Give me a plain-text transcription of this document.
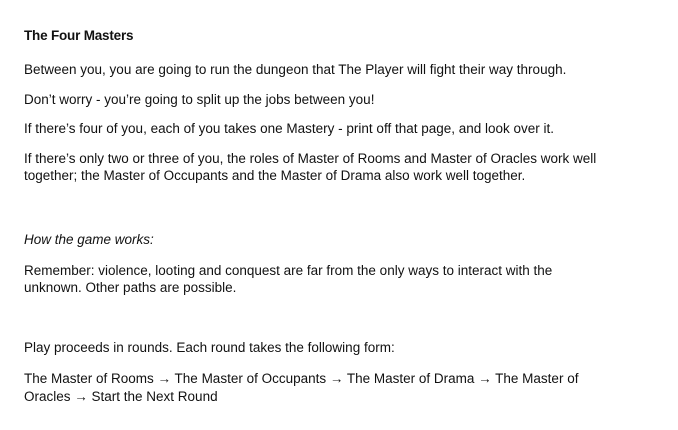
The Four Masters
Between you, you are going to run the dungeon that The Player will fight their way through.
Don’t worry - you’re going to split up the jobs between you!
If there’s four of you, each of you takes one Mastery - print off that page, and look over it.
If there’s only two or three of you, the roles of Master of Rooms and Master of Oracles work well
together; the Master of Occupants and the Master of Drama also work well together.
How the game works:
Remember: violence, looting and conquest are far from the only ways to interact with the
unknown. Other paths are possible.
Play proceeds in rounds. Each round takes the following form:
The Master of Rooms → The Master of Occupants → The Master of Drama → The Master of
Oracles → Start the Next Round
